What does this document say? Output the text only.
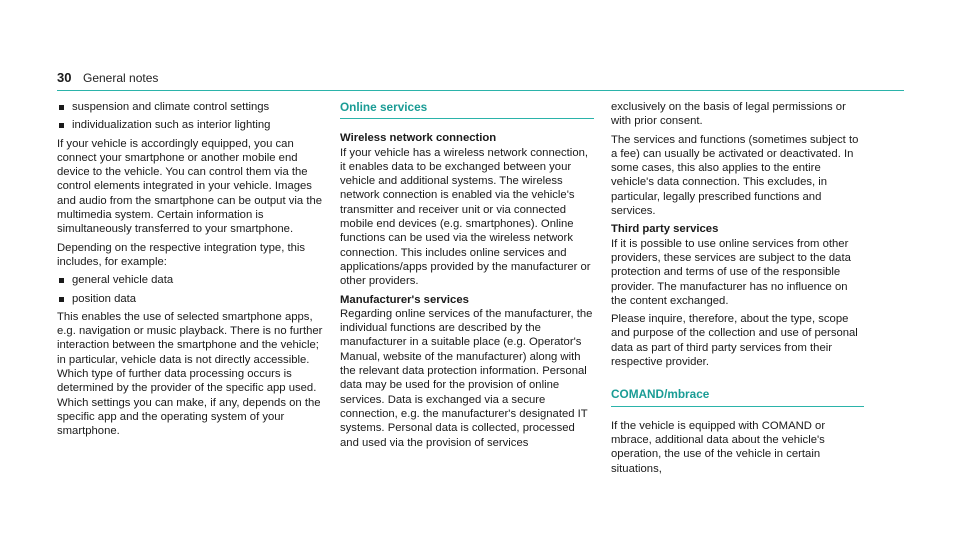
30 General notes
suspension and climate control settings
individualization such as interior lighting

If your vehicle is accordingly equipped, you can connect your smartphone or another mobile end device to the vehicle. You can control them via the control elements integrated in your vehicle. Images and audio from the smartphone can be output via the multimedia system. Certain information is simultaneously transferred to your smartphone.

Depending on the respective integration type, this includes, for example:

general vehicle data
position data

This enables the use of selected smartphone apps, e.g. navigation or music playback. There is no further interaction between the smartphone and the vehicle; in particular, vehicle data is not directly accessible. Which type of further data processing occurs is determined by the provider of the specific app used. Which settings you can make, if any, depends on the specific app and the operating system of your smartphone.

Online services

Wireless network connection

If your vehicle has a wireless network connection, it enables data to be exchanged between your vehicle and additional systems. The wireless network connection is enabled via the vehicle's transmitter and receiver unit or via connected mobile end devices (e.g. smartphones). Online functions can be used via the wireless network connection. This includes online services and applications/apps provided by the manufacturer or other providers.

Manufacturer's services

Regarding online services of the manufacturer, the individual functions are described by the manufacturer in a suitable place (e.g. Operator's Manual, website of the manufacturer) along with the relevant data protection information. Personal data may be used for the provision of online services. Data is exchanged via a secure connection, e.g. the manufacturer's designated IT systems. Personal data is collected, processed and used via the provision of services

exclusively on the basis of legal permissions or with prior consent.

The services and functions (sometimes subject to a fee) can usually be activated or deactivated. In some cases, this also applies to the entire vehicle's data connection. This excludes, in particular, legally prescribed functions and services.

Third party services

If it is possible to use online services from other providers, these services are subject to the data protection and terms of use of the responsible provider. The manufacturer has no influence on the content exchanged.

Please inquire, therefore, about the type, scope and purpose of the collection and use of personal data as part of third party services from their respective provider.

COMAND/mbrace

If the vehicle is equipped with COMAND or mbrace, additional data about the vehicle's operation, the use of the vehicle in certain situations,
